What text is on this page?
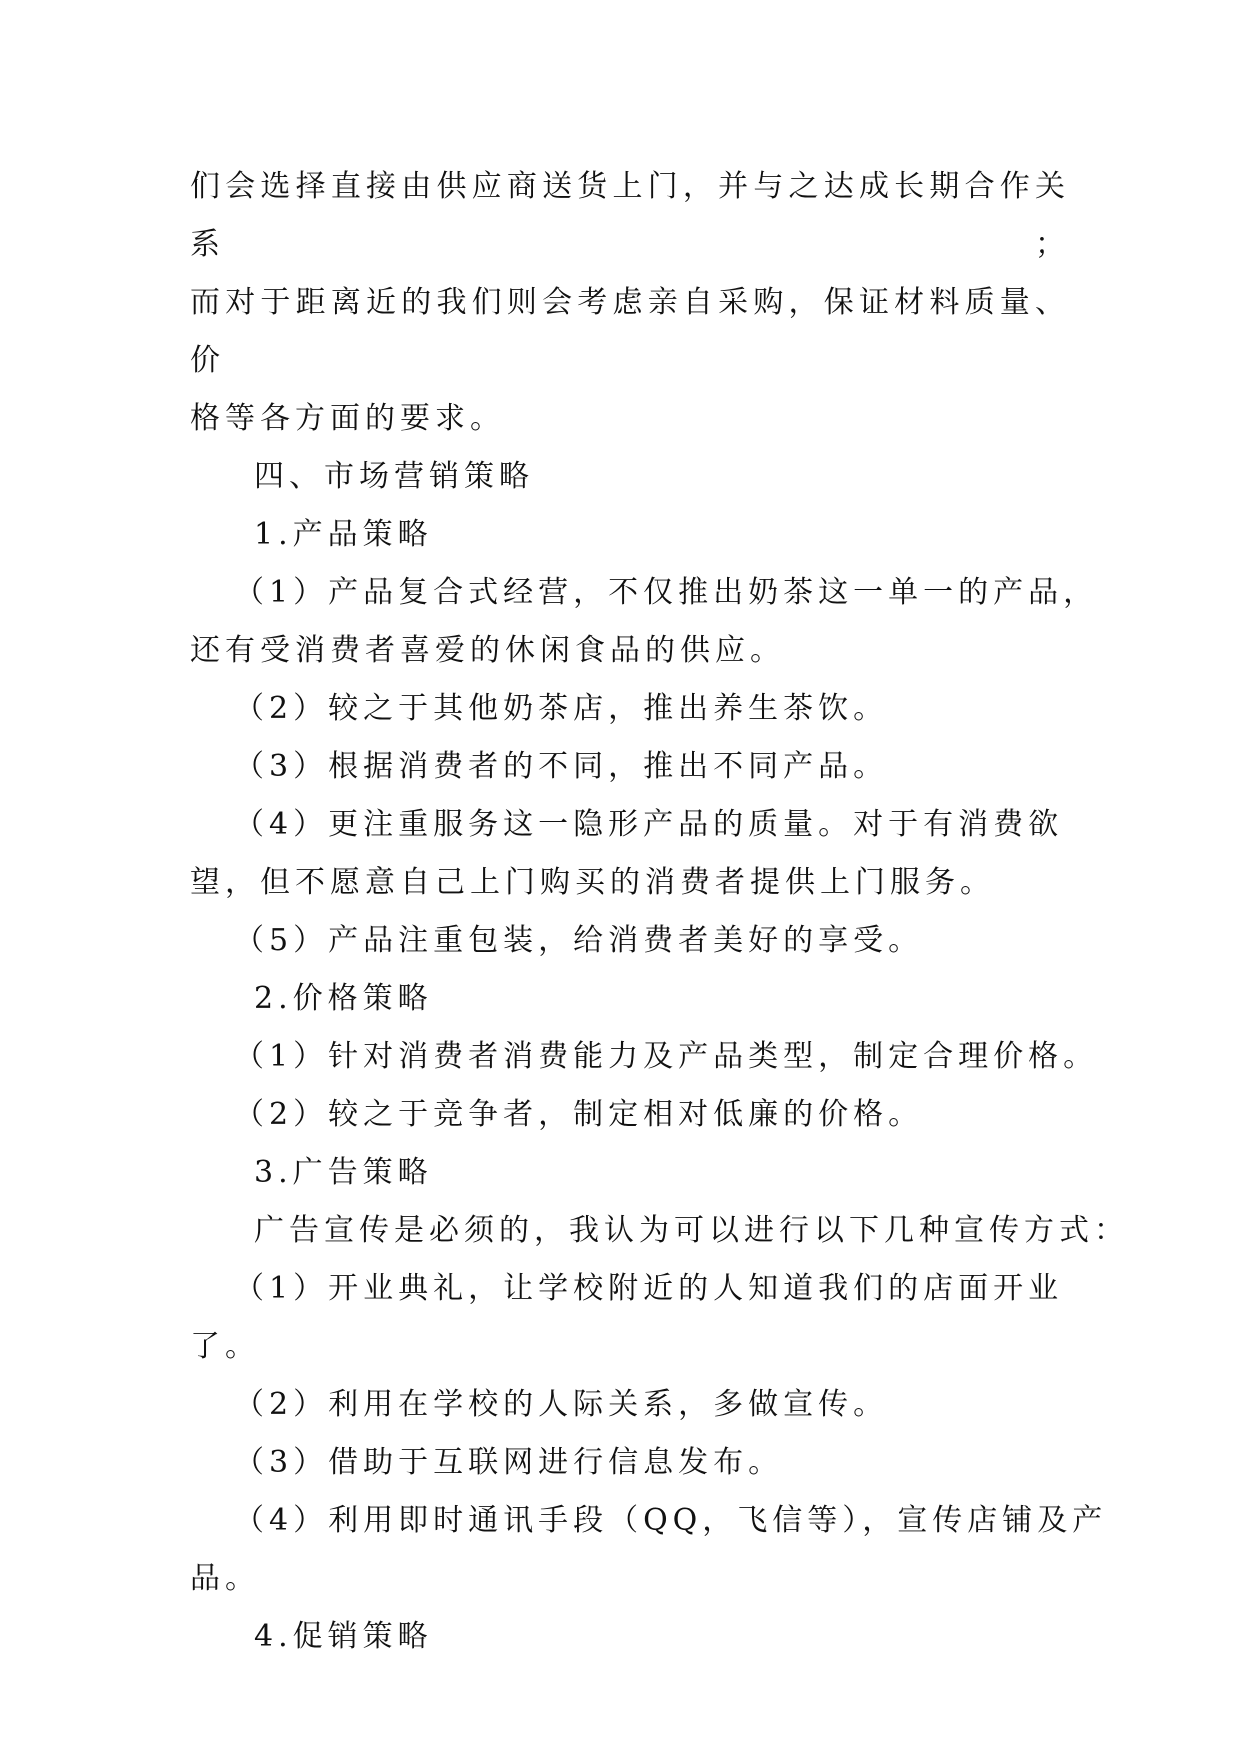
们会选择直接由供应商送货上门，并与之达成长期合作关系；

而对于距离近的我们则会考虑亲自采购，保证材料质量、价

格等各方面的要求。

四、市场营销策略

1.产品策略

（1）产品复合式经营，不仅推出奶茶这一单一的产品，

还有受消费者喜爱的休闲食品的供应。

（2）较之于其他奶茶店，推出养生茶饮。

（3）根据消费者的不同，推出不同产品。

（4）更注重服务这一隐形产品的质量。对于有消费欲

望，但不愿意自己上门购买的消费者提供上门服务。

（5）产品注重包装，给消费者美好的享受。

2.价格策略

（1）针对消费者消费能力及产品类型，制定合理价格。

（2）较之于竞争者，制定相对低廉的价格。

3.广告策略

广告宣传是必须的，我认为可以进行以下几种宣传方式：

（1）开业典礼，让学校附近的人知道我们的店面开业

了。

（2）利用在学校的人际关系，多做宣传。

（3）借助于互联网进行信息发布。

（4）利用即时通讯手段（QQ，飞信等），宣传店铺及产

品。

4.促销策略
